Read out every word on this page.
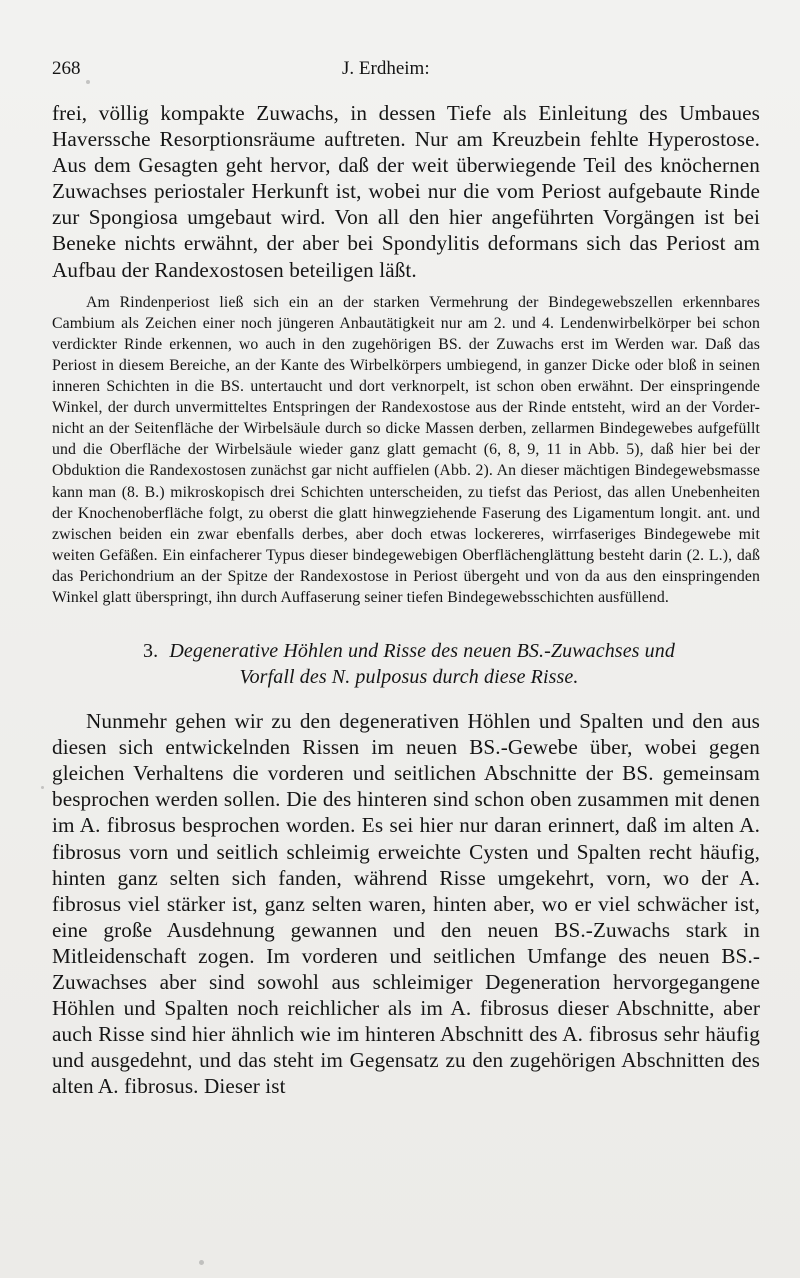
268	J. Erdheim:

frei, völlig kompakte Zuwachs, in dessen Tiefe als Einleitung des Umbaues Haverssche Resorptionsräume auftreten. Nur am Kreuzbein fehlte Hyperostose. Aus dem Gesagten geht hervor, daß der weit überwiegende Teil des knöchernen Zuwachses periostaler Herkunft ist, wobei nur die vom Periost aufgebaute Rinde zur Spongiosa umgebaut wird. Von all den hier angeführten Vorgängen ist bei Beneke nichts erwähnt, der aber bei Spondylitis deformans sich das Periost am Aufbau der Randexostosen beteiligen läßt.

Am Rindenperiost ließ sich ein an der starken Vermehrung der Bindegewebszellen erkennbares Cambium als Zeichen einer noch jüngeren Anbautätigkeit nur am 2. und 4. Lendenwirbelkörper bei schon verdickter Rinde erkennen, wo auch in den zugehörigen BS. der Zuwachs erst im Werden war. Daß das Periost in diesem Bereiche, an der Kante des Wirbelkörpers umbiegend, in ganzer Dicke oder bloß in seinen inneren Schichten in die BS. untertaucht und dort verknorpelt, ist schon oben erwähnt. Der einspringende Winkel, der durch unvermitteltes Entspringen der Randexostose aus der Rinde entsteht, wird an der Vorder- nicht an der Seitenfläche der Wirbelsäule durch so dicke Massen derben, zellarmen Bindegewebes aufgefüllt und die Oberfläche der Wirbelsäule wieder ganz glatt gemacht (6, 8, 9, 11 in Abb. 5), daß hier bei der Obduktion die Randexostosen zunächst gar nicht auffielen (Abb. 2). An dieser mächtigen Bindegewebsmasse kann man (8. B.) mikroskopisch drei Schichten unterscheiden, zu tiefst das Periost, das allen Unebenheiten der Knochenoberfläche folgt, zu oberst die glatt hinwegziehende Faserung des Ligamentum longit. ant. und zwischen beiden ein zwar ebenfalls derbes, aber doch etwas lockereres, wirrfaseriges Bindegewebe mit weiten Gefäßen. Ein einfacherer Typus dieser bindegewebigen Oberflächenglättung besteht darin (2. L.), daß das Perichondrium an der Spitze der Randexostose in Periost übergeht und von da aus den einspringenden Winkel glatt überspringt, ihn durch Auffaserung seiner tiefen Bindegewebsschichten ausfüllend.

3. Degenerative Höhlen und Risse des neuen BS.-Zuwachses und
Vorfall des N. pulposus durch diese Risse.

Nunmehr gehen wir zu den degenerativen Höhlen und Spalten und den aus diesen sich entwickelnden Rissen im neuen BS.-Gewebe über, wobei gegen gleichen Verhaltens die vorderen und seitlichen Abschnitte der BS. gemeinsam besprochen werden sollen. Die des hinteren sind schon oben zusammen mit denen im A. fibrosus besprochen worden. Es sei hier nur daran erinnert, daß im alten A. fibrosus vorn und seitlich schleimig erweichte Cysten und Spalten recht häufig, hinten ganz selten sich fanden, während Risse umgekehrt, vorn, wo der A. fibrosus viel stärker ist, ganz selten waren, hinten aber, wo er viel schwächer ist, eine große Ausdehnung gewannen und den neuen BS.-Zuwachs stark in Mitleidenschaft zogen. Im vorderen und seitlichen Umfange des neuen BS.-Zuwachses aber sind sowohl aus schleimiger Degeneration hervorgegangene Höhlen und Spalten noch reichlicher als im A. fibrosus dieser Abschnitte, aber auch Risse sind hier ähnlich wie im hinteren Abschnitt des A. fibrosus sehr häufig und ausgedehnt, und das steht im Gegensatz zu den zugehörigen Abschnitten des alten A. fibrosus. Dieser ist
